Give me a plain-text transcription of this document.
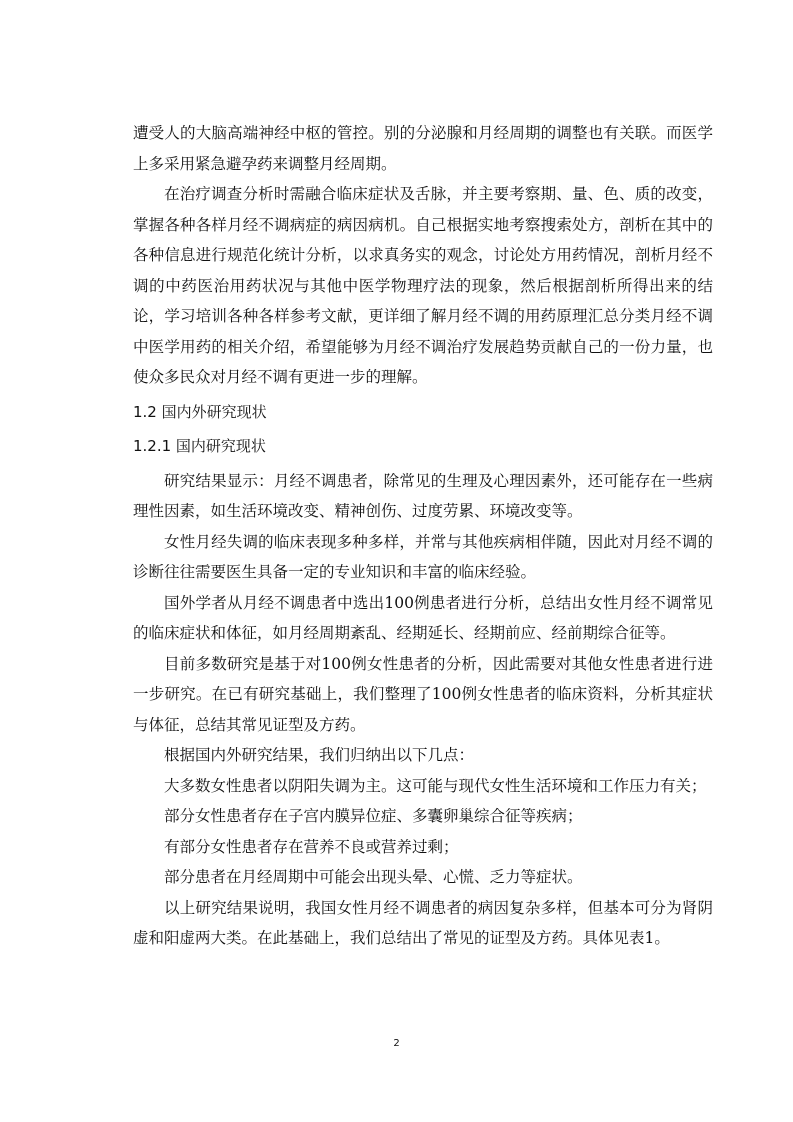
遭受人的大脑高端神经中枢的管控。别的分泌腺和月经周期的调整也有关联。而医学上多采用紧急避孕药来调整月经周期。

在治疗调查分析时需融合临床症状及舌脉，并主要考察期、量、色、质的改变，掌握各种各样月经不调病症的病因病机。自己根据实地考察搜索处方，剖析在其中的各种信息进行规范化统计分析，以求真务实的观念，讨论处方用药情况，剖析月经不调的中药医治用药状况与其他中医学物理疗法的现象，然后根据剖析所得出来的结论，学习培训各种各样参考文献，更详细了解月经不调的用药原理汇总分类月经不调中医学用药的相关介绍，希望能够为月经不调治疗发展趋势贡献自己的一份力量，也使众多民众对月经不调有更进一步的理解。

1.2 国内外研究现状
1.2.1 国内研究现状

研究结果显示：月经不调患者，除常见的生理及心理因素外，还可能存在一些病理性因素，如生活环境改变、精神创伤、过度劳累、环境改变等。

女性月经失调的临床表现多种多样，并常与其他疾病相伴随，因此对月经不调的诊断往往需要医生具备一定的专业知识和丰富的临床经验。

国外学者从月经不调患者中选出100例患者进行分析，总结出女性月经不调常见的临床症状和体征，如月经周期紊乱、经期延长、经期前应、经前期综合征等。

目前多数研究是基于对100例女性患者的分析，因此需要对其他女性患者进行进一步研究。在已有研究基础上，我们整理了100例女性患者的临床资料，分析其症状与体征，总结其常见证型及方药。

根据国内外研究结果，我们归纳出以下几点：

大多数女性患者以阴阳失调为主。这可能与现代女性生活环境和工作压力有关；

部分女性患者存在子宫内膜异位症、多囊卵巢综合征等疾病；

有部分女性患者存在营养不良或营养过剩；

部分患者在月经周期中可能会出现头晕、心慌、乏力等症状。

以上研究结果说明，我国女性月经不调患者的病因复杂多样，但基本可分为肾阴虚和阳虚两大类。在此基础上，我们总结出了常见的证型及方药。具体见表1。

2
